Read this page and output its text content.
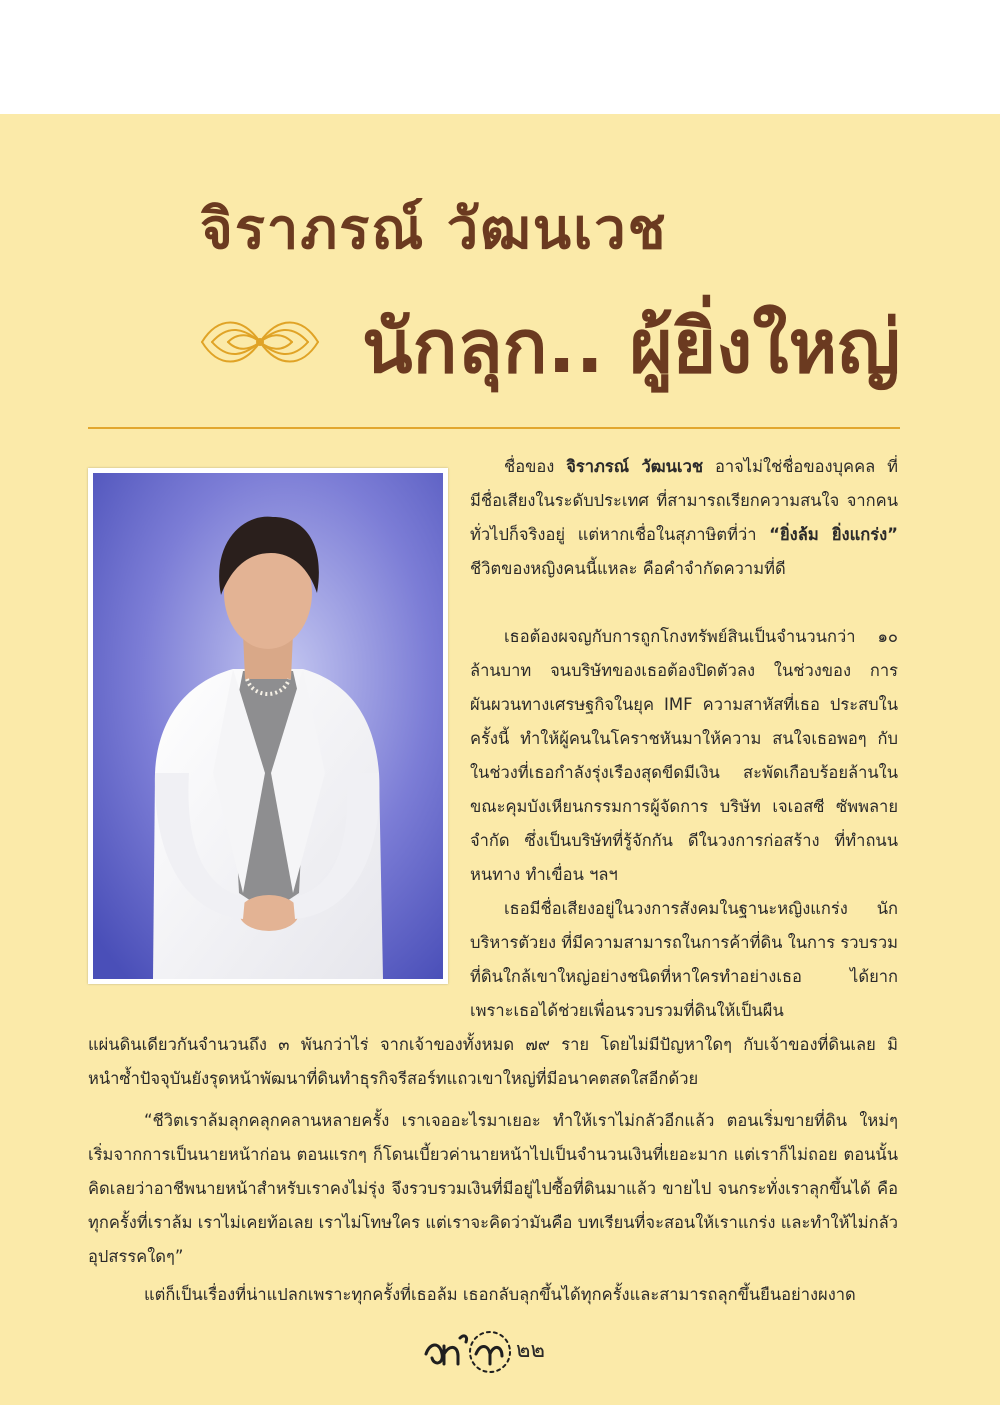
จิราภรณ์ วัฒนเวช
นักลุก.. ผู้ยิ่งใหญ่

ชื่อของ จิราภรณ์ วัฒนเวช อาจไม่ใช่ชื่อของบุคคล ที่มีชื่อเสียงในระดับประเทศ ที่สามารถเรียกความสนใจ จากคนทั่วไปก็จริงอยู่ แต่หากเชื่อในสุภาษิตที่ว่า “ยิ่งล้ม ยิ่งแกร่ง” ชีวิตของหญิงคนนี้แหละ คือคำจำกัดความที่ดี

เธอต้องผจญกับการถูกโกงทรัพย์สินเป็นจำนวนกว่า ๑๐ ล้านบาท จนบริษัทของเธอต้องปิดตัวลง ในช่วงของ การผันผวนทางเศรษฐกิจในยุค IMF ความสาหัสที่เธอ ประสบในครั้งนี้ ทำให้ผู้คนในโคราชหันมาให้ความ สนใจเธอพอๆ กับในช่วงที่เธอกำลังรุ่งเรืองสุดขีดมีเงิน สะพัดเกือบร้อยล้านในขณะคุมบังเหียนกรรมการผู้จัดการ บริษัท เจเอสซี ซัพพลาย จำกัด ซึ่งเป็นบริษัทที่รู้จักกัน ดีในวงการก่อสร้าง ที่ทำถนนหนทาง ทำเขื่อน ฯลฯ

เธอมีชื่อเสียงอยู่ในวงการสังคมในฐานะหญิงแกร่ง นักบริหารตัวยง ที่มีความสามารถในการค้าที่ดิน ในการ รวบรวมที่ดินใกล้เขาใหญ่อย่างชนิดที่หาใครทำอย่างเธอ ได้ยาก เพราะเธอได้ช่วยเพื่อนรวบรวมที่ดินให้เป็นผืน

แผ่นดินเดียวกันจำนวนถึง ๓ พันกว่าไร่ จากเจ้าของทั้งหมด ๗๙ ราย โดยไม่มีปัญหาใดๆ กับเจ้าของที่ดินเลย มิหนำซ้ำปัจจุบันยังรุดหน้าพัฒนาที่ดินทำธุรกิจรีสอร์ทแถวเขาใหญ่ที่มีอนาคตสดใสอีกด้วย

“ชีวิตเราล้มลุกคลุกคลานหลายครั้ง เราเจออะไรมาเยอะ ทำให้เราไม่กลัวอีกแล้ว ตอนเริ่มขายที่ดิน ใหม่ๆ เริ่มจากการเป็นนายหน้าก่อน ตอนแรกๆ ก็โดนเบี้ยวค่านายหน้าไปเป็นจำนวนเงินที่เยอะมาก แต่เราก็ไม่ถอย ตอนนั้นคิดเลยว่าอาชีพนายหน้าสำหรับเราคงไม่รุ่ง จึงรวบรวมเงินที่มีอยู่ไปซื้อที่ดินมาแล้ว ขายไป จนกระทั่งเราลุกขึ้นได้ คือทุกครั้งที่เราล้ม เราไม่เคยท้อเลย เราไม่โทษใคร แต่เราจะคิดว่ามันคือ บทเรียนที่จะสอนให้เราแกร่ง และทำให้ไม่กลัวอุปสรรคใดๆ”

แต่ก็เป็นเรื่องที่น่าแปลกเพราะทุกครั้งที่เธอล้ม เธอกลับลุกขึ้นได้ทุกครั้งและสามารถลุกขึ้นยืนอย่างผงาด

๒๒
